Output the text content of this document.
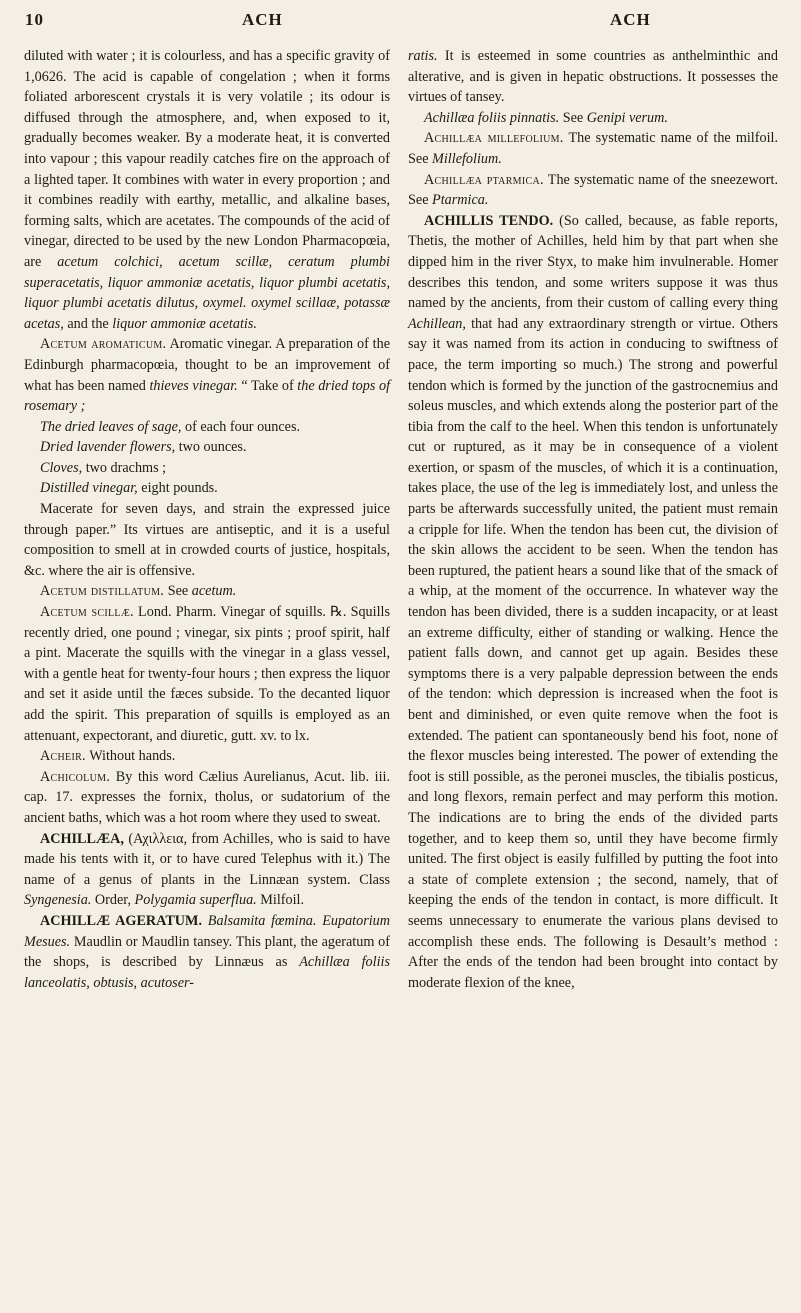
10	ACH	ACH

diluted with water ; it is colourless, and has a specific gravity of 1,0626. The acid is capable of congelation ; when it forms foliated arborescent crystals it is very volatile ; its odour is diffused through the atmosphere, and, when exposed to it, gradually becomes weaker. By a moderate heat, it is converted into vapour ; this vapour readily catches fire on the approach of a lighted taper. It combines with water in every proportion ; and it combines readily with earthy, metallic, and alkaline bases, forming salts, which are acetates. The compounds of the acid of vinegar, directed to be used by the new London Pharmacopœia, are acetum colchici, acetum scillæ, ceratum plumbi superacetatis, liquor ammoniæ acetatis, liquor plumbi acetatis, liquor plumbi acetatis dilutus, oxymel. oxymel scillaæ, potassæ acetas, and the liquor ammoniæ acetatis.

Acetum aromaticum. Aromatic vinegar. A preparation of the Edinburgh pharmacopœia, thought to be an improvement of what has been named thieves vinegar. “ Take of the dried tops of rosemary ;

The dried leaves of sage, of each four ounces.

Dried lavender flowers, two ounces.

Cloves, two drachms ;

Distilled vinegar, eight pounds.

Macerate for seven days, and strain the expressed juice through paper.” Its virtues are antiseptic, and it is a useful composition to smell at in crowded courts of justice, hospitals, &c. where the air is offensive.

Acetum distillatum. See acetum.

Acetum scillæ. Lond. Pharm. Vinegar of squills. ℞. Squills recently dried, one pound ; vinegar, six pints ; proof spirit, half a pint. Macerate the squills with the vinegar in a glass vessel, with a gentle heat for twenty-four hours ; then express the liquor and set it aside until the fæces subside. To the decanted liquor add the spirit. This preparation of squills is employed as an attenuant, expectorant, and diuretic, gutt. xv. to lx.

Acheir. Without hands.

Achicolum. By this word Cælius Aurelianus, Acut. lib. iii. cap. 17. expresses the fornix, tholus, or sudatorium of the ancient baths, which was a hot room where they used to sweat.

ACHILLÆA, (Αχιλλεια, from Achilles, who is said to have made his tents with it, or to have cured Telephus with it.) The name of a genus of plants in the Linnæan system. Class Syngenesia. Order, Polygamia superflua. Milfoil.

ACHILLÆ AGERATUM. Balsamita fœmina. Eupatorium Mesues. Maudlin or Maudlin tansey. This plant, the ageratum of the shops, is described by Linnæus as Achillæa foliis lanceolatis, obtusis, acutoser-

ratis. It is esteemed in some countries as anthelminthic and alterative, and is given in hepatic obstructions. It possesses the virtues of tansey.

Achillæa foliis pinnatis. See Genipi verum.

Achillæa millefolium. The systematic name of the milfoil. See Millefolium.

Achillæa ptarmica. The systematic name of the sneezewort. See Ptarmica.

ACHILLIS TENDO. (So called, because, as fable reports, Thetis, the mother of Achilles, held him by that part when she dipped him in the river Styx, to make him invulnerable. Homer describes this tendon, and some writers suppose it was thus named by the ancients, from their custom of calling every thing Achillean, that had any extraordinary strength or virtue. Others say it was named from its action in conducing to swiftness of pace, the term importing so much.) The strong and powerful tendon which is formed by the junction of the gastrocnemius and soleus muscles, and which extends along the posterior part of the tibia from the calf to the heel. When this tendon is unfortunately cut or ruptured, as it may be in consequence of a violent exertion, or spasm of the muscles, of which it is a continuation, takes place, the use of the leg is immediately lost, and unless the parts be afterwards successfully united, the patient must remain a cripple for life. When the tendon has been cut, the division of the skin allows the accident to be seen. When the tendon has been ruptured, the patient hears a sound like that of the smack of a whip, at the moment of the occurrence. In whatever way the tendon has been divided, there is a sudden incapacity, or at least an extreme difficulty, either of standing or walking. Hence the patient falls down, and cannot get up again. Besides these symptoms there is a very palpable depression between the ends of the tendon: which depression is increased when the foot is bent and diminished, or even quite remove when the foot is extended. The patient can spontaneously bend his foot, none of the flexor muscles being interested. The power of extending the foot is still possible, as the peronei muscles, the tibialis posticus, and long flexors, remain perfect and may perform this motion. The indications are to bring the ends of the divided parts together, and to keep them so, until they have become firmly united. The first object is easily fulfilled by putting the foot into a state of complete extension ; the second, namely, that of keeping the ends of the tendon in contact, is more difficult. It seems unnecessary to enumerate the various plans devised to accomplish these ends. The following is Desault’s method : After the ends of the tendon had been brought into contact by moderate flexion of the knee,
